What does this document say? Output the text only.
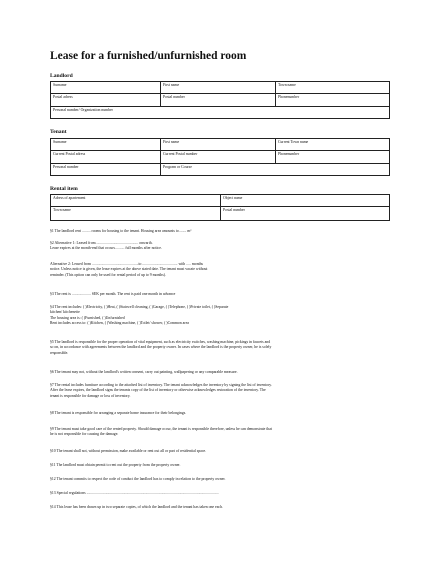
Lease for a furnished/unfurnished room
Landlord
Surname	First name	Town name
Postal adress	Postal number	Phonenumber
Personal number/ Organization number		
Tenant
Surname	First name	Current Town name
Current Postal adress	Current Postal number	Phonenumber
Personal number	Program or Course	
Rental item
Adress of apartement	Object name
Town name	Postal number
§1 The landlord rent ......... rooms for housing to the tenant. Housing area amounts to........ m²
§2 Alternative 1: Leased from ............................................ onwarth.
Lease expires at the month-end that occurs.......... full months after notice.
Alternative 2: Leased from .................................................to ..................................... with ..... months
notice. Unless notice is given, the lease expires at the above stated date. The tenant must vacate without
reminder. (This option can only be used for rental period of up to 9 months).
§3 The rent is .................... SEK per month. The rent is paid one month in advance
§4 The rent includes: ( )Electricity, ( )Heat, ( )Stairwell cleaning, ( )Garage, ( )Telephone, ( )Private toilet, ( )Separate
kitchen/ kitchenette
The housing area is: ( )Furnished, ( )Unfurnished
Rent includes access to: ( )Kitchen, ( )Washing machine, ( )Toilet/ shower, ( )Common area
§5 The landlord is responsible for the proper operation of vital equipment, such as electricity switches, washing machine, pickings in faucets and
so on, in accordance with agreements between the landlord and the property owner. In cases where the landlord is the property owner, he is solely
responsible.
§6 The tenant may not, without the landlord's written consent, carry out painting, wallpapering or any comparable measure.
§7 The rental includes furniture according to the attached list of inventory. The tenant acknowledges the inventory by signing the list of inventory.
After the lease expires, the landlord signs the tenants copy of the list of inventory or otherwise acknowledges restoration of the inventory. The
tenant is responsible for damage or loss of inventory.
§8 The tenant is responsible for arranging a separate home insurance for their belongings.
§9 The tenant must take good care of the rented property. Should damage occur, the tenant is responsible therefore, unless he can demonstrate that
he is not responsible for causing the damage.
§10 The tenant shall not, without permission, make available or rent out all or part of residential space.
§11 The landlord must obtain permit to rent out the property from the property owner.
§12 The tenant commits to respect the code of conduct the landlord has to comply in relation to the property owner.
§13 Special regulations ...........................................................................................................................................
§14 This lease has been drawn up in two separate copies, of which the landlord and the tenant has taken one each.
